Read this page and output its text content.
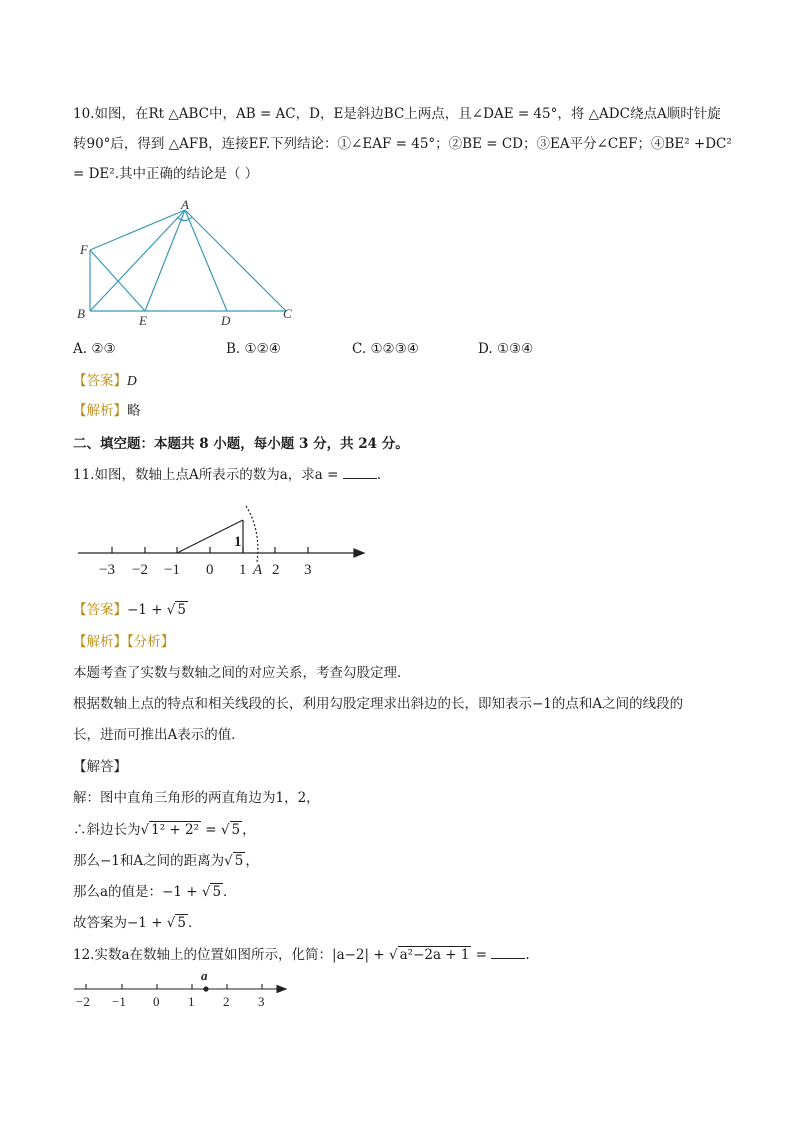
10.如图，在Rt △ABC中，AB = AC，D，E是斜边BC上两点，且∠DAE = 45°，将 △ADC绕点A顺时针旋
转90°后，得到 △AFB，连接EF.下列结论：①∠EAF = 45°；②BE = CD；③EA平分∠CEF；④BE² +DC²
= DE².其中正确的结论是（ ）
A
F
B	E	D	C
A. ②③	B. ①②④	C. ①②③④	D. ①③④
【答案】D
【解析】略
二、填空题：本题共 8 小题，每小题 3 分，共 24 分。
11.如图，数轴上点A所表示的数为a，求a =	.
−3 −2 −1 0 1 2 3
1
A
【答案】−1 + √ 5
【解析】【分析】
本题考查了实数与数轴之间的对应关系，考查勾股定理．
根据数轴上点的特点和相关线段的长，利用勾股定理求出斜边的长，即知表示−1的点和A之间的线段的
长，进而可推出A表示的值．
【解答】
解：图中直角三角形的两直角边为1，2，
∴斜边长为√ 1² + 2² = √ 5 ，
那么−1和A之间的距离为√ 5 ，
那么a的值是：−1 + √ 5 ．
故答案为−1 + √ 5 ．
12.实数a在数轴上的位置如图所示，化简：|a−2| + √ a²−2a + 1 =	.
a
−2 −1 0 1 2 3
